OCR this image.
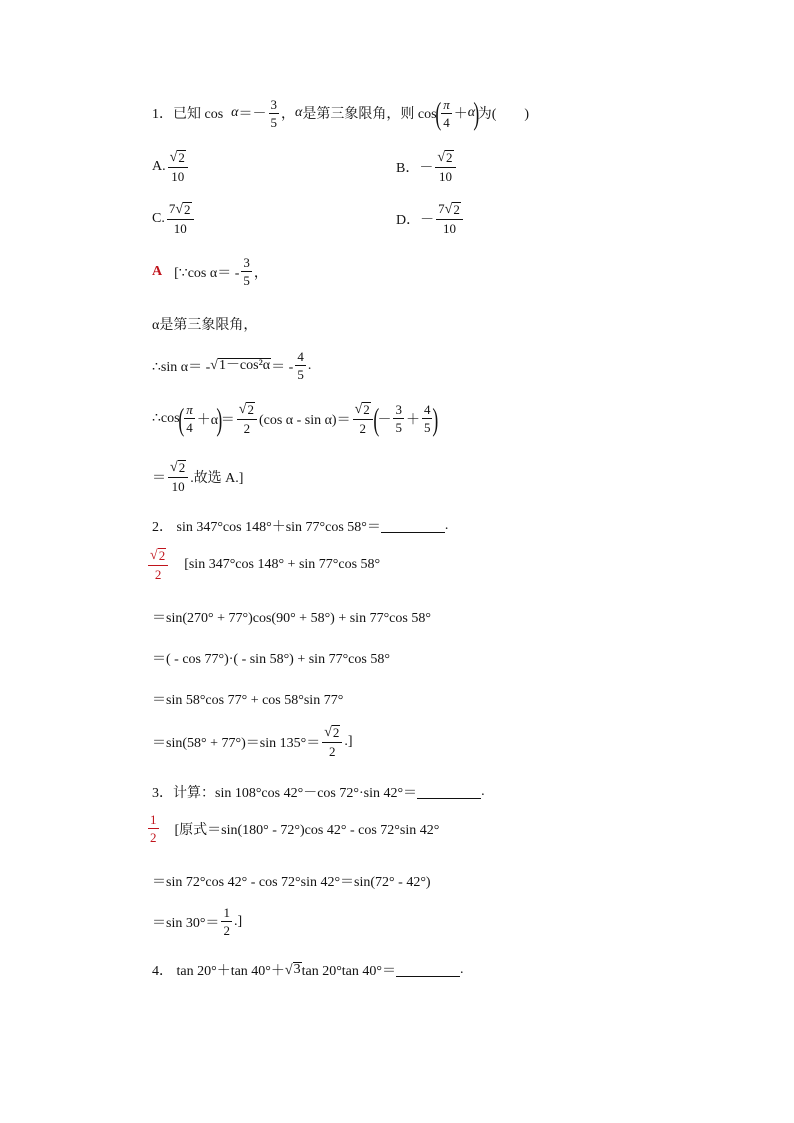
1． 已知 $\cos \alpha =- \frac{3}{5}$ ， α 是第三象限角，则 cos
( $\frac{\pi}{4} + \alpha$
)
为(　　)
A. $\frac{√ 2}{10}$	B．－ $\frac{√ 2}{10}$
C. $\frac{7 √ 2}{10}$	D．－ $\frac{7 √ 2}{10}$
A [∵cos $\alpha= - \frac{3}{5}$ ，
α是第三象限角，
∴sin α＝ - √ 1－cos²α ＝ - $\frac{4}{5}$ .
∴cos
( $\frac{\pi}{4} +\alpha$
)
＝ $\frac{√ 2}{2} (\cos$ $\alpha - \sin \alpha)= \frac{√ 2}{2}$ (
－ $\frac{3}{5} + \frac{4}{5}$ )
＝ $\frac{√ 2}{10}$ .故选 A.]
2． sin 347°cos 148°＋sin 77°cos 58°＝	.
$\frac{√ 2}{2} [\sin$ 347°cos 148° + sin 77°cos 58°
＝sin(270° + 77°)cos(90° + 58°) + sin 77°cos 58°
＝( - cos 77°)·( - sin 58°) + sin 77°cos 58°
＝sin 58°cos 77° + cos 58°sin 77°
＝sin(58° + 77°)＝sin $135^\circ= \frac{√ 2}{2}$ .]
3．计算：sin 108°cos 42°－cos 72°·sin 42°＝	.
$\frac{1}{2}$ [原式＝sin(180° - 72°)cos 42° - cos 72°sin 42°
＝sin 72°cos 42° - cos 72°sin 42°＝sin(72° - 42°)
＝sin $30^\circ= \frac{1}{2}$ .]
4． tan 20°＋tan 40°＋ √ 3 tan 20°tan 40°＝	.
